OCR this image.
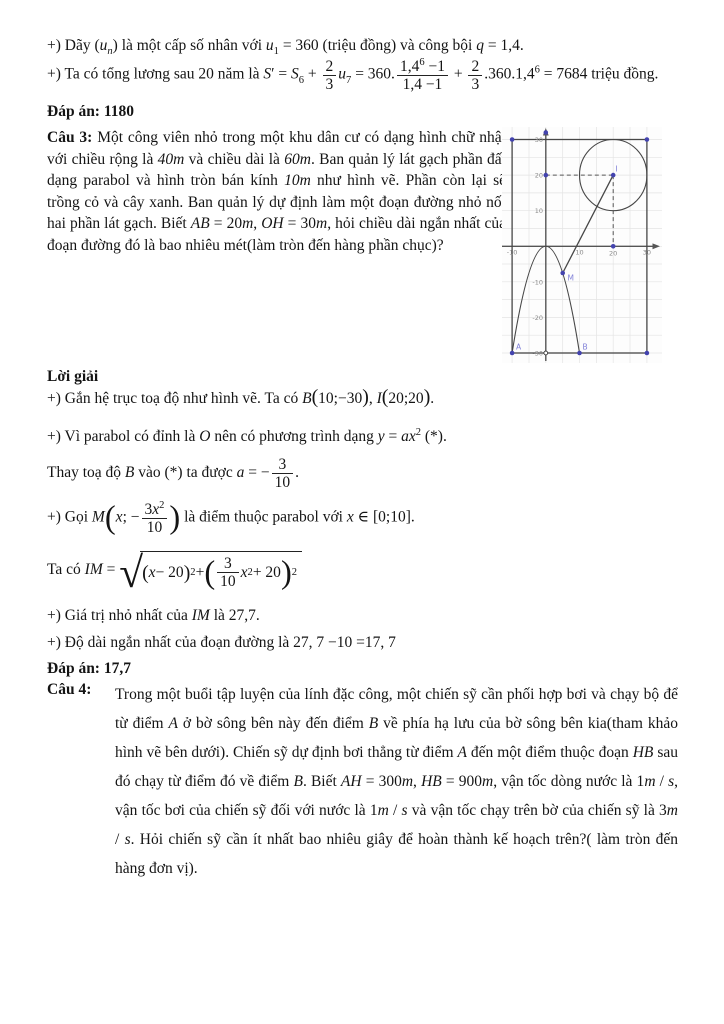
+) Dãy $(u_n)$ là một cấp số nhân với $u_1 = 360$ (triệu đồng) và công bội q = 1,4.
+) Ta có tổng lương sau 20 năm là $S' = S_6 + \frac{2}{3} u_7 = 360$. $\frac{1,4^6 -1}{1,4 -1} + \frac{2}{3} .360.1,4^6 = 7684$ triệu đồng.
Đáp án: 1180
Câu 3: Một công viên nhỏ trong một khu dân cư có dạng hình chữ nhật với chiều rộng là 40m và chiều dài là 60m. Ban quản lý lát gạch phần đất dạng parabol và hình tròn bán kính 10m như hình vẽ. Phần còn lại sẽ trồng cỏ và cây xanh. Ban quản lý dự định làm một đoạn đường nhỏ nối hai phần lát gạch. Biết AB = 20m, OH = 30m, hỏi chiều dài ngắn nhất của đoạn đường đó là bao nhiêu mét(làm tròn đến hàng phần chục)?
30
20
10
-10
-20
-30
-10	10	20	30
A	B
M
I
Lời giải
+) Gắn hệ trục toạ độ như hình vẽ. Ta có B(10;−30), I(20;20).
+) Vì parabol có đỉnh là O nên có phương trình dạng $y = ax^2$ (*).
Thay toạ độ B vào (*) ta được a = − $\frac{3}{10}$ .
+) Gọi M(x; − $\frac{3x^2}{10}$ ) là điểm thuộc parabol với x ∈ [0;10].
Ta có IM = √ ( x − 20 ) 2 + ( $\frac{3}{10}$ x 2 + 20 ) 2
+) Giá trị nhỏ nhất của IM là 27,7.
+) Độ dài ngắn nhất của đoạn đường là 27, 7 −10 =17, 7
Đáp án: 17,7
Câu 4:	Trong một buổi tập luyện của lính đặc công, một chiến sỹ cần phối hợp bơi và chạy bộ để từ điểm A ở bờ sông bên này đến điểm B về phía hạ lưu của bờ sông bên kia(tham khảo hình vẽ bên dưới). Chiến sỹ dự định bơi thẳng từ điểm A đến một điểm thuộc đoạn HB sau đó chạy từ điểm đó về điểm B. Biết AH = 300m, HB = 900m, vận tốc dòng nước là 1m / s, vận tốc bơi của chiến sỹ đối với nước là 1m / s và vận tốc chạy trên bờ của chiến sỹ là 3m / s. Hỏi chiến sỹ cần ít nhất bao nhiêu giây để hoàn thành kế hoạch trên?( làm tròn đến hàng đơn vị).
